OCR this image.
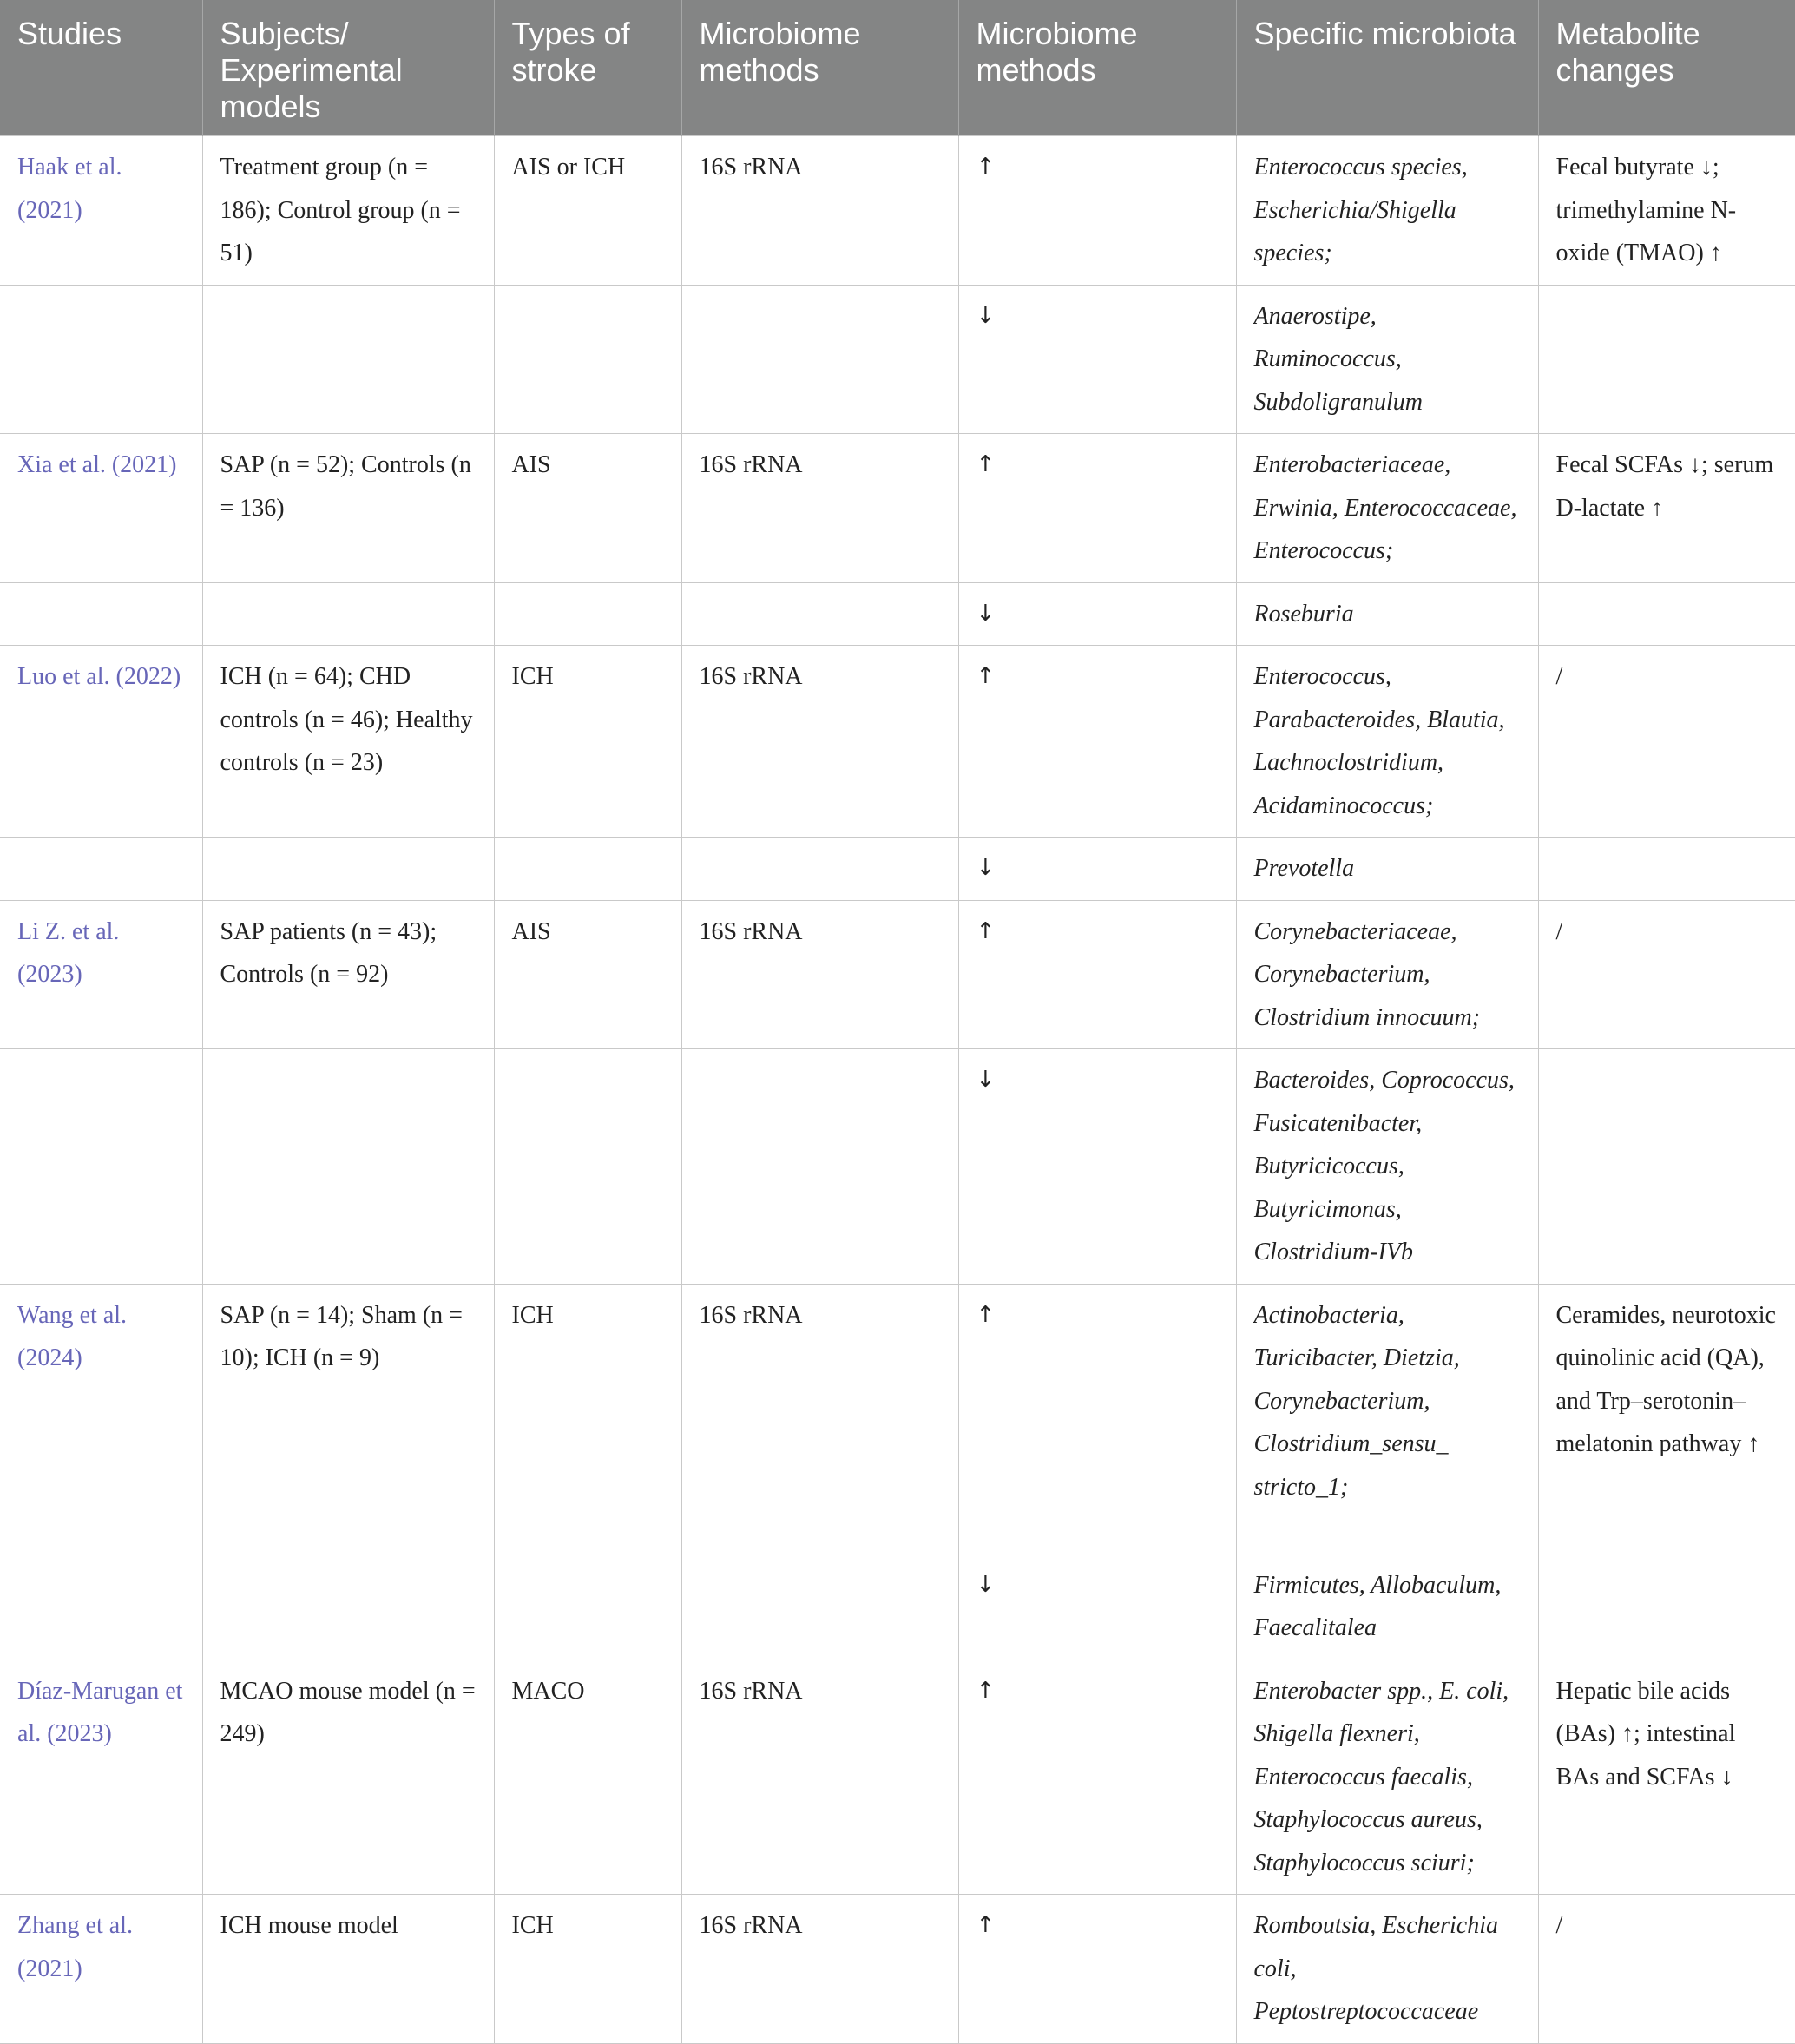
Studies	Subjects/ Experimental models	Types of stroke	Microbiome methods	Microbiome methods	Specific microbiota	Metabolite changes
Haak et al. (2021)	Treatment group (n = 186); Control group (n = 51)	AIS or ICH	16S rRNA	↑	Enterococcus species, Escherichia/Shigella species;	Fecal butyrate ↓; trimethylamine N-oxide (TMAO) ↑
				↓	Anaerostipe, Ruminococcus, Subdoligranulum	
Xia et al. (2021)	SAP (n = 52); Controls (n = 136)	AIS	16S rRNA	↑	Enterobacteriaceae, Erwinia, Enterococcaceae, Enterococcus;	Fecal SCFAs ↓; serum D-lactate ↑
				↓	Roseburia	
Luo et al. (2022)	ICH (n = 64); CHD controls (n = 46); Healthy controls (n = 23)	ICH	16S rRNA	↑	Enterococcus, Parabacteroides, Blautia, Lachnoclostridium, Acidaminococcus;	/
				↓	Prevotella	
Li Z. et al. (2023)	SAP patients (n = 43); Controls (n = 92)	AIS	16S rRNA	↑	Corynebacteriaceae, Corynebacterium, Clostridium innocuum;	/
				↓	Bacteroides, Coprococcus, Fusicatenibacter, Butyricicoccus, Butyricimonas, Clostridium-IVb	
Wang et al. (2024)	SAP (n = 14); Sham (n = 10); ICH (n = 9)	ICH	16S rRNA	↑	Actinobacteria, Turicibacter, Dietzia, Corynebacterium, Clostridium_sensu_ stricto_1;	Ceramides, neurotoxic quinolinic acid (QA), and Trp–serotonin–melatonin pathway ↑
				↓	Firmicutes, Allobaculum, Faecalitalea	
Díaz-Marugan et al. (2023)	MCAO mouse model (n = 249)	MACO	16S rRNA	↑	Enterobacter spp., E. coli, Shigella flexneri, Enterococcus faecalis, Staphylococcus aureus, Staphylococcus sciuri;	Hepatic bile acids (BAs) ↑; intestinal BAs and SCFAs ↓
Zhang et al. (2021)	ICH mouse model	ICH	16S rRNA	↑	Romboutsia, Escherichia coli, Peptostreptococcaceae	/
